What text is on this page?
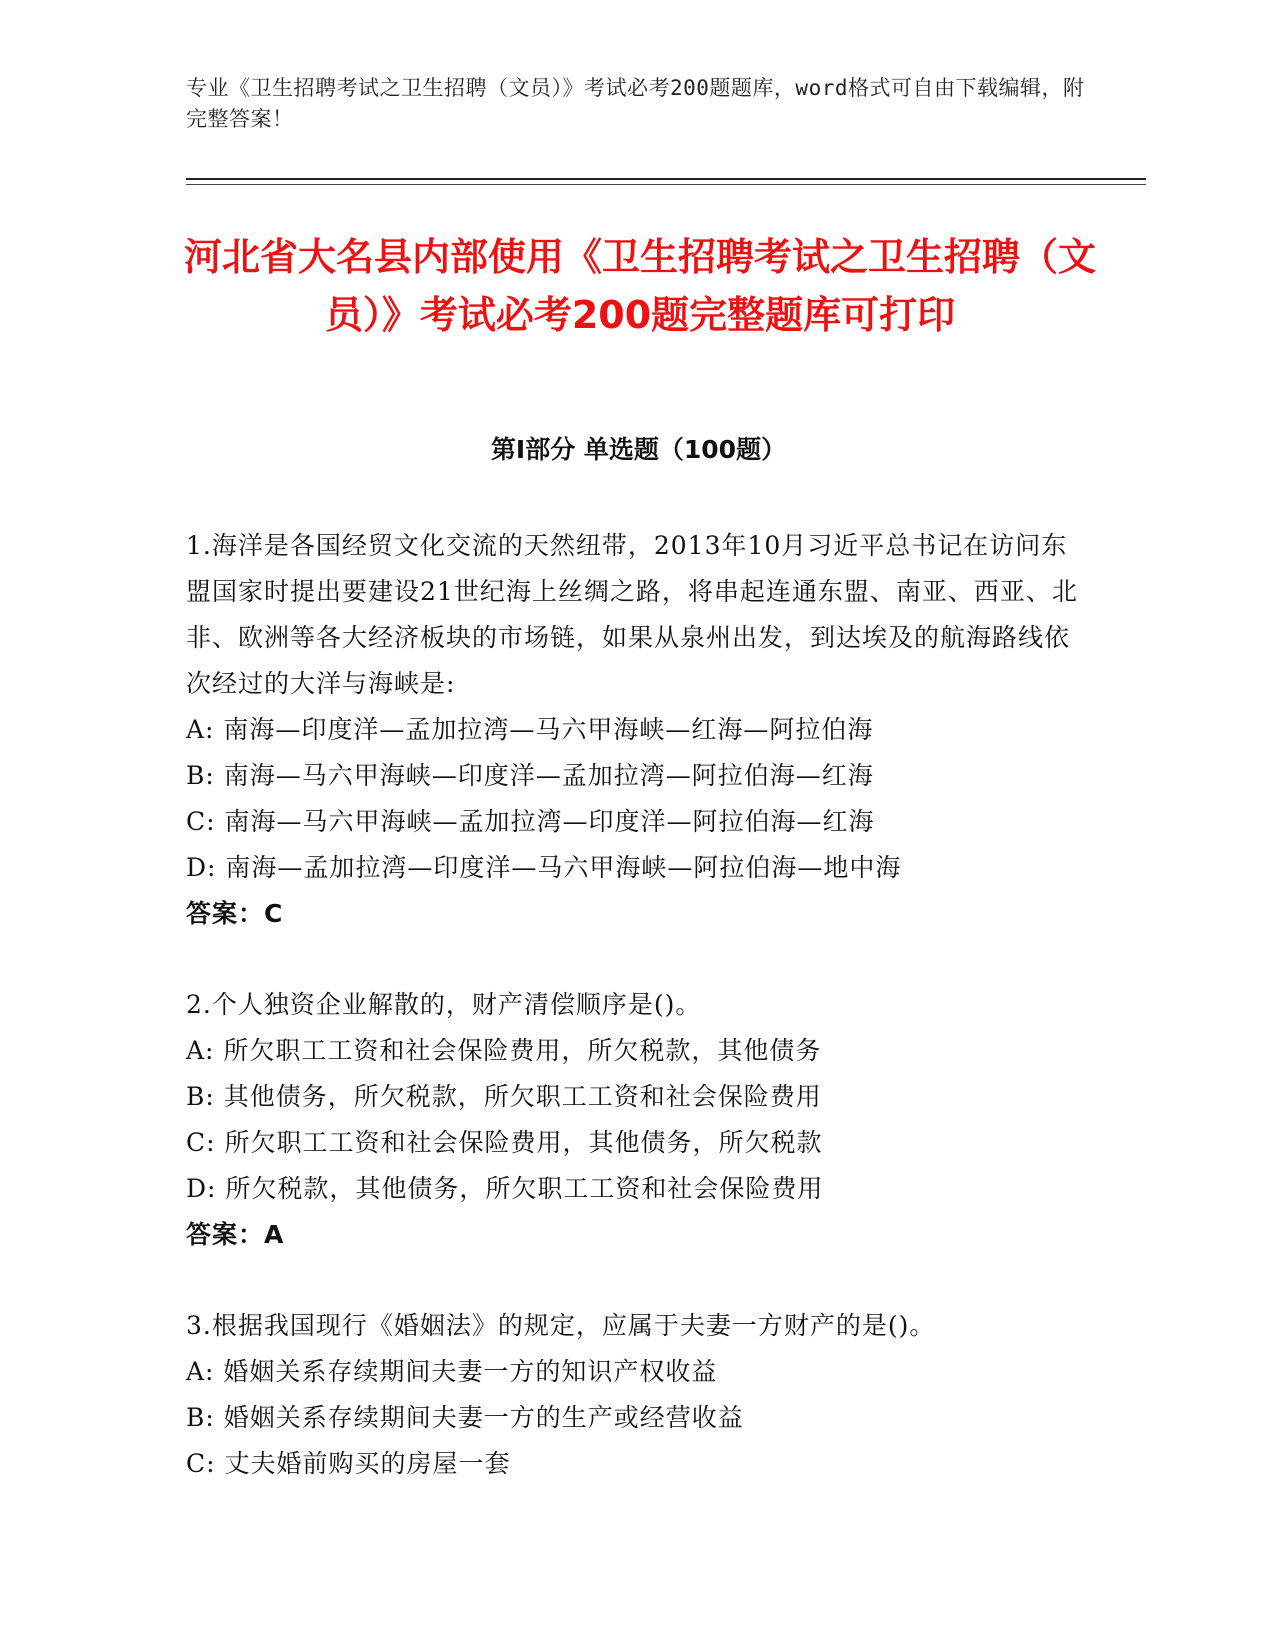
专业《卫生招聘考试之卫生招聘（文员）》考试必考200题题库，word格式可自由下载编辑，附完整答案！
河北省大名县内部使用《卫生招聘考试之卫生招聘（文员）》考试必考200题完整题库可打印
第Ⅰ部分 单选题（100题）
1.海洋是各国经贸文化交流的天然纽带，2013年10月习近平总书记在访问东盟国家时提出要建设21世纪海上丝绸之路，将串起连通东盟、南亚、西亚、北非、欧洲等各大经济板块的市场链，如果从泉州出发，到达埃及的航海路线依次经过的大洋与海峡是:
A: 南海—印度洋—孟加拉湾—马六甲海峡—红海—阿拉伯海
B: 南海—马六甲海峡—印度洋—孟加拉湾—阿拉伯海—红海
C: 南海—马六甲海峡—孟加拉湾—印度洋—阿拉伯海—红海
D: 南海—孟加拉湾—印度洋—马六甲海峡—阿拉伯海—地中海
答案：C
2.个人独资企业解散的，财产清偿顺序是()。
A: 所欠职工工资和社会保险费用，所欠税款，其他债务
B: 其他债务，所欠税款，所欠职工工资和社会保险费用
C: 所欠职工工资和社会保险费用，其他债务，所欠税款
D: 所欠税款，其他债务，所欠职工工资和社会保险费用
答案：A
3.根据我国现行《婚姻法》的规定，应属于夫妻一方财产的是()。
A: 婚姻关系存续期间夫妻一方的知识产权收益
B: 婚姻关系存续期间夫妻一方的生产或经营收益
C: 丈夫婚前购买的房屋一套
